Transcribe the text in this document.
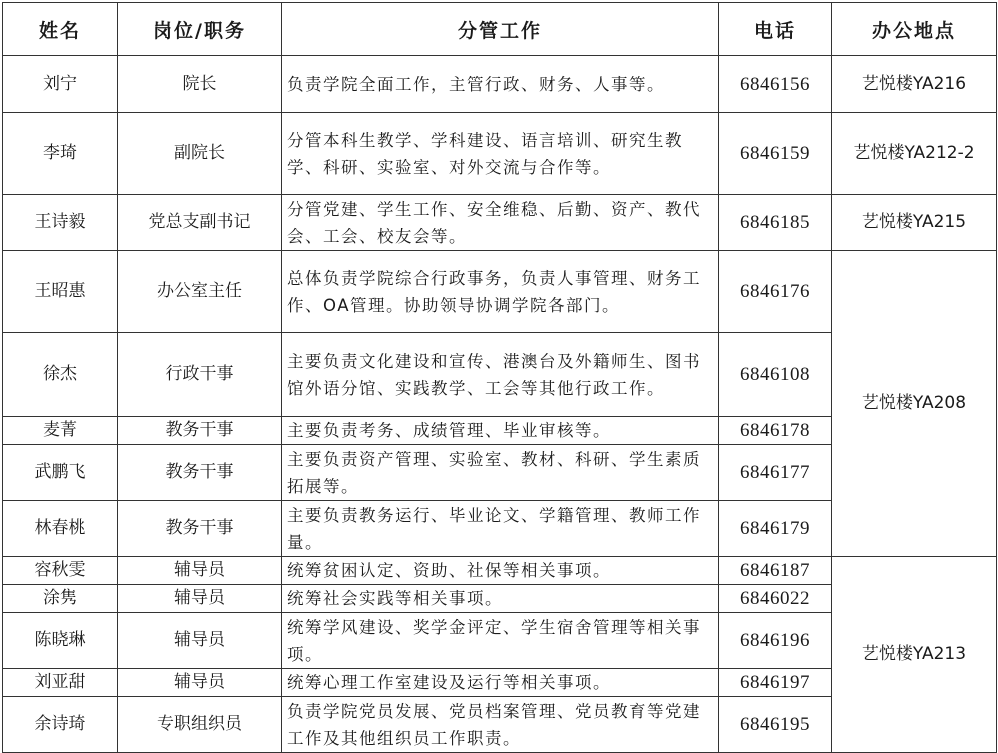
姓名	岗位/职务	分管工作	电话	办公地点
刘宁	院长	负责学院全面工作，主管行政、财务、人事等。	6846156	艺悦楼YA216
李琦	副院长	分管本科生教学、学科建设、语言培训、研究生教学、科研、实验室、对外交流与合作等。	6846159	艺悦楼YA212-2
王诗毅	党总支副书记	分管党建、学生工作、安全维稳、后勤、资产、教代会、工会、校友会等。	6846185	艺悦楼YA215
王昭惠	办公室主任	总体负责学院综合行政事务，负责人事管理、财务工作、OA管理。协助领导协调学院各部门。	6846176	艺悦楼YA208
徐杰	行政干事	主要负责文化建设和宣传、港澳台及外籍师生、图书馆外语分馆、实践教学、工会等其他行政工作。	6846108	
麦菁	教务干事	主要负责考务、成绩管理、毕业审核等。	6846178	
武鹏飞	教务干事	主要负责资产管理、实验室、教材、科研、学生素质拓展等。	6846177	
林春桃	教务干事	主要负责教务运行、毕业论文、学籍管理、教师工作量。	6846179	
容秋雯	辅导员	统筹贫困认定、资助、社保等相关事项。	6846187	艺悦楼YA213
涂隽	辅导员	统筹社会实践等相关事项。	6846022	
陈晓琳	辅导员	统筹学风建设、奖学金评定、学生宿舍管理等相关事项。	6846196	
刘亚甜	辅导员	统筹心理工作室建设及运行等相关事项。	6846197	
余诗琦	专职组织员	负责学院党员发展、党员档案管理、党员教育等党建工作及其他组织员工作职责。	6846195	
